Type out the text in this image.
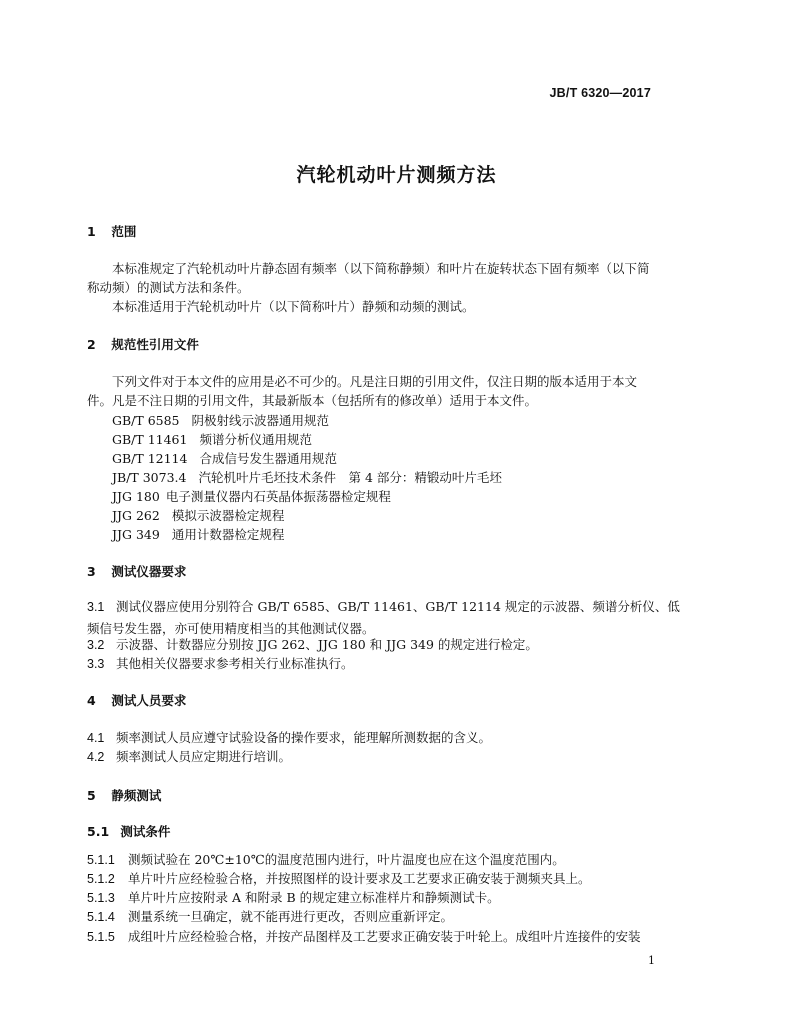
JB/T 6320—2017
汽轮机动叶片测频方法
1 范围
本标准规定了汽轮机动叶片静态固有频率（以下简称静频）和叶片在旋转状态下固有频率（以下简
称动频）的测试方法和条件。
本标准适用于汽轮机动叶片（以下简称叶片）静频和动频的测试。
2 规范性引用文件
下列文件对于本文件的应用是必不可少的。凡是注日期的引用文件，仅注日期的版本适用于本文
件。凡是不注日期的引用文件，其最新版本（包括所有的修改单）适用于本文件。
GB/T 6585 阴极射线示波器通用规范
GB/T 11461 频谱分析仪通用规范
GB/T 12114 合成信号发生器通用规范
JB/T 3073.4 汽轮机叶片毛坯技术条件　第 4 部分：精锻动叶片毛坯
JJG 180 电子测量仪器内石英晶体振荡器检定规程
JJG 262 模拟示波器检定规程
JJG 349 通用计数器检定规程
3 测试仪器要求
3.1 测试仪器应使用分别符合 GB/T 6585、GB/T 11461、GB/T 12114 规定的示波器、频谱分析仪、低
频信号发生器，亦可使用精度相当的其他测试仪器。
3.2 示波器、计数器应分别按 JJG 262、JJG 180 和 JJG 349 的规定进行检定。
3.3 其他相关仪器要求参考相关行业标准执行。
4 测试人员要求
4.1 频率测试人员应遵守试验设备的操作要求，能理解所测数据的含义。
4.2 频率测试人员应定期进行培训。
5 静频测试
5.1 测试条件
5.1.1 测频试验在 20℃±10℃的温度范围内进行，叶片温度也应在这个温度范围内。
5.1.2 单片叶片应经检验合格，并按照图样的设计要求及工艺要求正确安装于测频夹具上。
5.1.3 单片叶片应按附录 A 和附录 B 的规定建立标准样片和静频测试卡。
5.1.4 测量系统一旦确定，就不能再进行更改，否则应重新评定。
5.1.5 成组叶片应经检验合格，并按产品图样及工艺要求正确安装于叶轮上。成组叶片连接件的安装
1
